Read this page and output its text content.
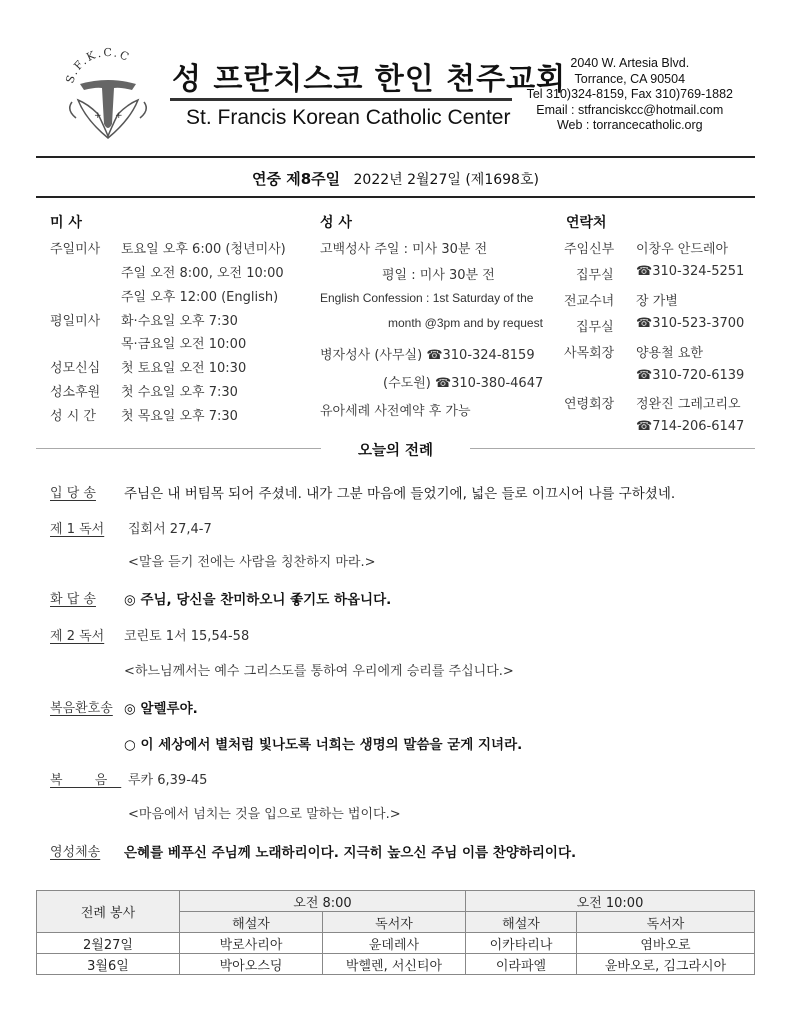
S.F.K.C.C
+ +
성 프란치스코 한인 천주교회
St. Francis Korean Catholic Center
2040 W. Artesia Blvd.
Torrance, CA 90504
Tel 310)324-8159, Fax 310)769-1882
Email : stfranciskcc@hotmail.com
Web : torrancecatholic.org
연중 제8주일 2022년 2월27일 (제1698호)
미 사
주일미사 토요일 오후 6:00 (청년미사)
주일 오전 8:00, 오전 10:00
주일 오후 12:00 (English)
평일미사 화·수요일 오후 7:30
목·금요일 오전 10:00
성모신심 첫 토요일 오전 10:30
성소후원 첫 수요일 오후 7:30
성 시 간 첫 목요일 오후 7:30
성 사
고백성사 주일 : 미사 30분 전
평일 : 미사 30분 전
English Confession : 1st Saturday of the
month @3pm and by request
병자성사 (사무실) ☎310-324-8159
(수도원) ☎310-380-4647
유아세례 사전예약 후 가능
연락처
주임신부 이창우 안드레아
집무실 ☎310-324-5251
전교수녀 장 가별
집무실 ☎310-523-3700
사목회장 양용철 요한
☎310-720-6139
연령회장 정완진 그레고리오
☎714-206-6147
오늘의 전례
입 당 송 주님은 내 버팀목 되어 주셨네. 내가 그분 마음에 들었기에, 넓은 들로 이끄시어 나를 구하셨네.
제 1 독서 집회서 27,4-7
<말을 듣기 전에는 사람을 칭찬하지 마라.>
화 답 송 ◎ 주님, 당신을 찬미하오니 좋기도 하옵니다.
제 2 독서 코린토 1서 15,54-58
<하느님께서는 예수 그리스도를 통하여 우리에게 승리를 주십니다.>
복음환호송 ◎ 알렐루야.
○ 이 세상에서 별처럼 빛나도록 너희는 생명의 말씀을 굳게 지녀라.
복 음 루카 6,39-45
<마음에서 넘치는 것을 입으로 말하는 법이다.>
영성체송 은혜를 베푸신 주님께 노래하리이다. 지극히 높으신 주님 이름 찬양하리이다.
전례 봉사	오전 8:00		오전 10:00	
	해설자	독서자	해설자	독서자
2월27일	박로사리아	윤데레사	이카타리나	염바오로
3월6일	박아오스딩	박헬렌, 서신티아	이라파엘	윤바오로, 김그라시아
